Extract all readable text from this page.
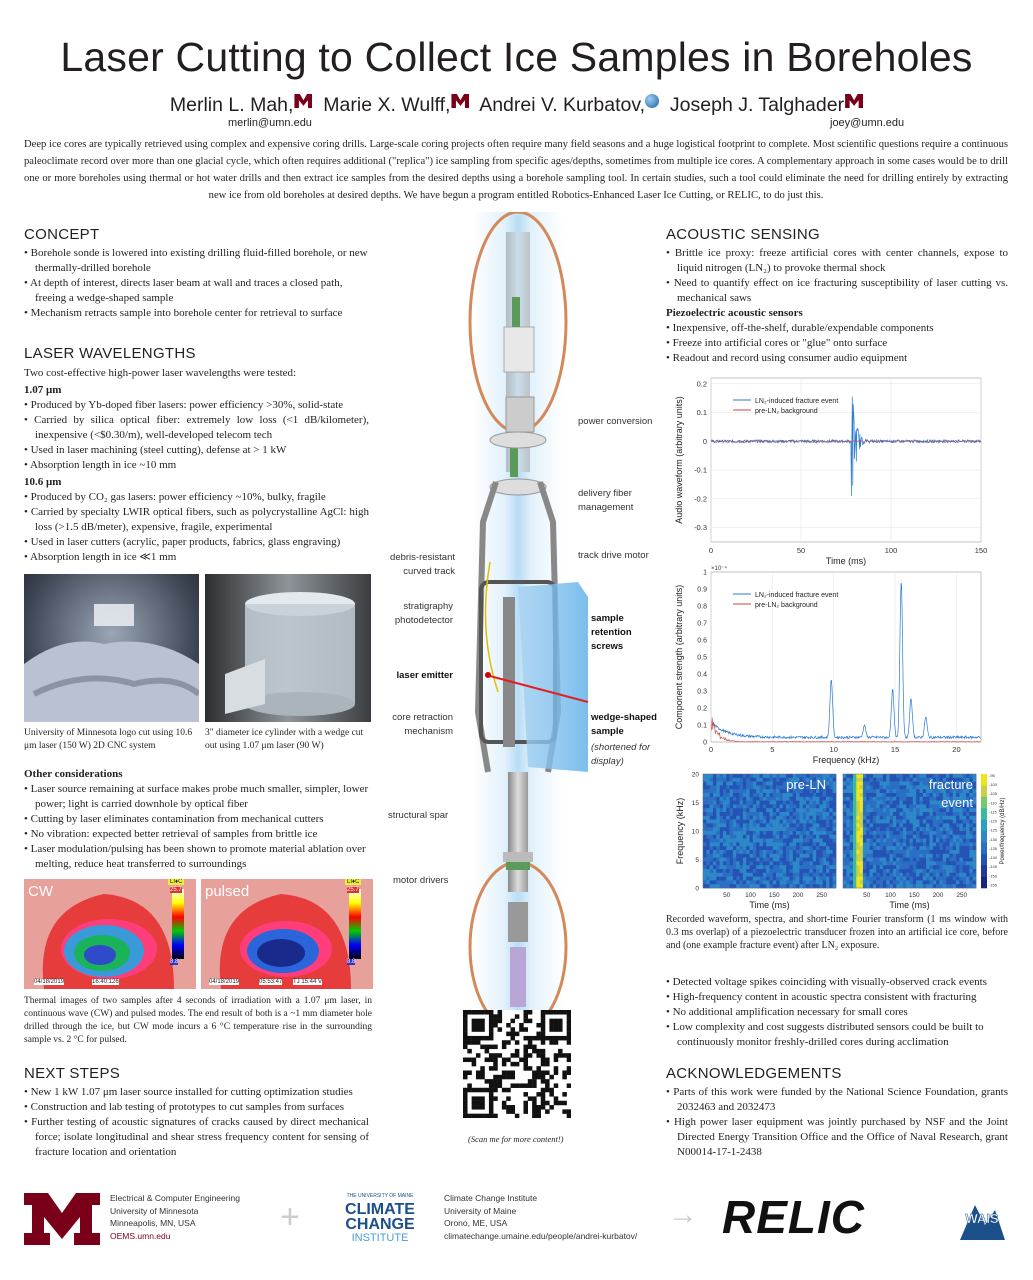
Laser Cutting to Collect Ice Samples in Boreholes
Merlin L. Mah, Marie X. Wulff, Andrei V. Kurbatov, Joseph J. Talghader
merlin@umn.edu	joey@umn.edu
Deep ice cores are typically retrieved using complex and expensive coring drills. Large-scale coring projects often require many field seasons and a huge logistical footprint to complete. Most scientific questions require a continuous paleoclimate record over more than one glacial cycle, which often requires additional ("replica") ice sampling from specific ages/depths, sometimes from multiple ice cores. A complementary approach in some cases would be to drill one or more boreholes using thermal or hot water drills and then extract ice samples from the desired depths using a borehole sampling tool. In certain studies, such a tool could eliminate the need for drilling entirely by extracting new ice from old boreholes at desired depths. We have begun a program entitled Robotics-Enhanced Laser Ice Cutting, or RELIC, to do just this.
CONCEPT

• Borehole sonde is lowered into existing drilling fluid-filled borehole, or new thermally-drilled borehole

• At depth of interest, directs laser beam at wall and traces a closed path, freeing a wedge-shaped sample

• Mechanism retracts sample into borehole center for retrieval to surface

LASER WAVELENGTHS

Two cost-effective high-power laser wavelengths were tested:

1.07 μm

• Produced by Yb-doped fiber lasers: power efficiency >30%, solid-state

• Carried by silica optical fiber: extremely low loss (<1 dB/kilometer), inexpensive (<$0.30/m), well-developed telecom tech

• Used in laser machining (steel cutting), defense at > 1 kW

• Absorption length in ice ~10 mm

10.6 μm

• Produced by CO₂ gas lasers: power efficiency ~10%, bulky, fragile

• Carried by specialty LWIR optical fibers, such as polycrystalline AgCl: high loss (>1.5 dB/meter), expensive, fragile, experimental

• Used in laser cutters (acrylic, paper products, fabrics, glass engraving)

• Absorption length in ice ≪1 mm

University of Minnesota logo cut using 10.6 μm laser (150 W) 2D CNC system
3" diameter ice cylinder with a wedge cut out using 1.07 μm laser (90 W)

Other considerations

• Laser source remaining at surface makes probe much smaller, simpler, lower power; light is carried downhole by optical fiber

• Cutting by laser eliminates contamination from mechanical cutters

• No vibration: expected better retrieval of samples from brittle ice

• Laser modulation/pulsing has been shown to promote material ablation over melting, reduce heat transferred to surroundings

CW
LI♦C
25.7
8.8
04/18/2019	16:40:126
pulsed
LI♦C
25.7
8.8
04/18/2019	05:53:47 TJ 15:44 V
Thermal images of two samples after 4 seconds of irradiation with a 1.07 μm laser, in continuous wave (CW) and pulsed modes. The end result of both is a ~1 mm diameter hole drilled through the ice, but CW mode incurs a 6 °C temperature rise in the surrounding sample vs. 2 °C for pulsed.
NEXT STEPS

• New 1 kW 1.07 μm laser source installed for cutting optimization studies

• Construction and lab testing of prototypes to cut samples from surfaces

• Further testing of acoustic signatures of cracks caused by direct mechanical force; isolate longitudinal and shear stress frequency content for sensing of fracture location and orientation

power conversion
delivery fiber management
track drive motor
debris-resistant curved track
stratigraphy photodetector	sample retention screws
laser emitter
core retraction mechanism
wedge-shaped sample
(shortened for display)
structural spar
motor drivers
(Scan me for more content!)
ACOUSTIC SENSING

• Brittle ice proxy: freeze artificial cores with center channels, expose to liquid nitrogen (LN₂) to provoke thermal shock

• Need to quantify effect on ice fracturing susceptibility of laser cutting vs. mechanical saws

Piezoelectric acoustic sensors

• Inexpensive, off-the-shelf, durable/expendable components

• Freeze into artificial cores or "glue" onto surface

• Readout and record using consumer audio equipment

0	50	100	150
0.2
0.1
0
-0.1
-0.2
-0.3
LN₂-induced fracture event
pre-LN₂ background
Time (ms)
Audio waveform (arbitrary units)
×10⁻⁴
0	5	10	15	20
1
0.9
0.8
0.7
0.6
0.5
0.4
0.3
0.2
0.1
0
LN₂-induced fracture event
pre-LN₂ background
Frequency (kHz)
Component strength (arbitrary units)
50 100 150 200 250
Time (ms)
50 100 150 200 250
Time (ms)
20
15
10
5
0
Frequency (kHz)
pre-LN	fracture
event
-95
-100
-105
-110
-115
-120
-125
-130
-135
-140
-145
-150
-155
Power/frequency (dB/Hz)
Recorded waveform, spectra, and short-time Fourier transform (1 ms window with 0.3 ms overlap) of a piezoelectric transducer frozen into an artificial ice core, before and (one example fracture event) after LN₂ exposure.

• Detected voltage spikes coinciding with visually-observed crack events

• High-frequency content in acoustic spectra consistent with fracturing

• No additional amplification necessary for small cores

• Low complexity and cost suggests distributed sensors could be built to continuously monitor freshly-drilled cores during acclimation

ACKNOWLEDGEMENTS

• Parts of this work were funded by the National Science Foundation, grants 2032463 and 2032473

• High power laser equipment was jointly purchased by NSF and the Joint Directed Energy Transition Office and the Office of Naval Research, grant N00014-17-1-2438

Electrical & Computer Engineering
University of Minnesota
Minneapolis, MN, USA
OEMS.umn.edu	+
THE UNIVERSITY OF MAINE
CLIMATE
CHANGE
INSTITUTE
Climate Change Institute
University of Maine
Orono, ME, USA
climatechange.umaine.edu/people/andrei-kurbatov/
→ RELIC	WAIS
